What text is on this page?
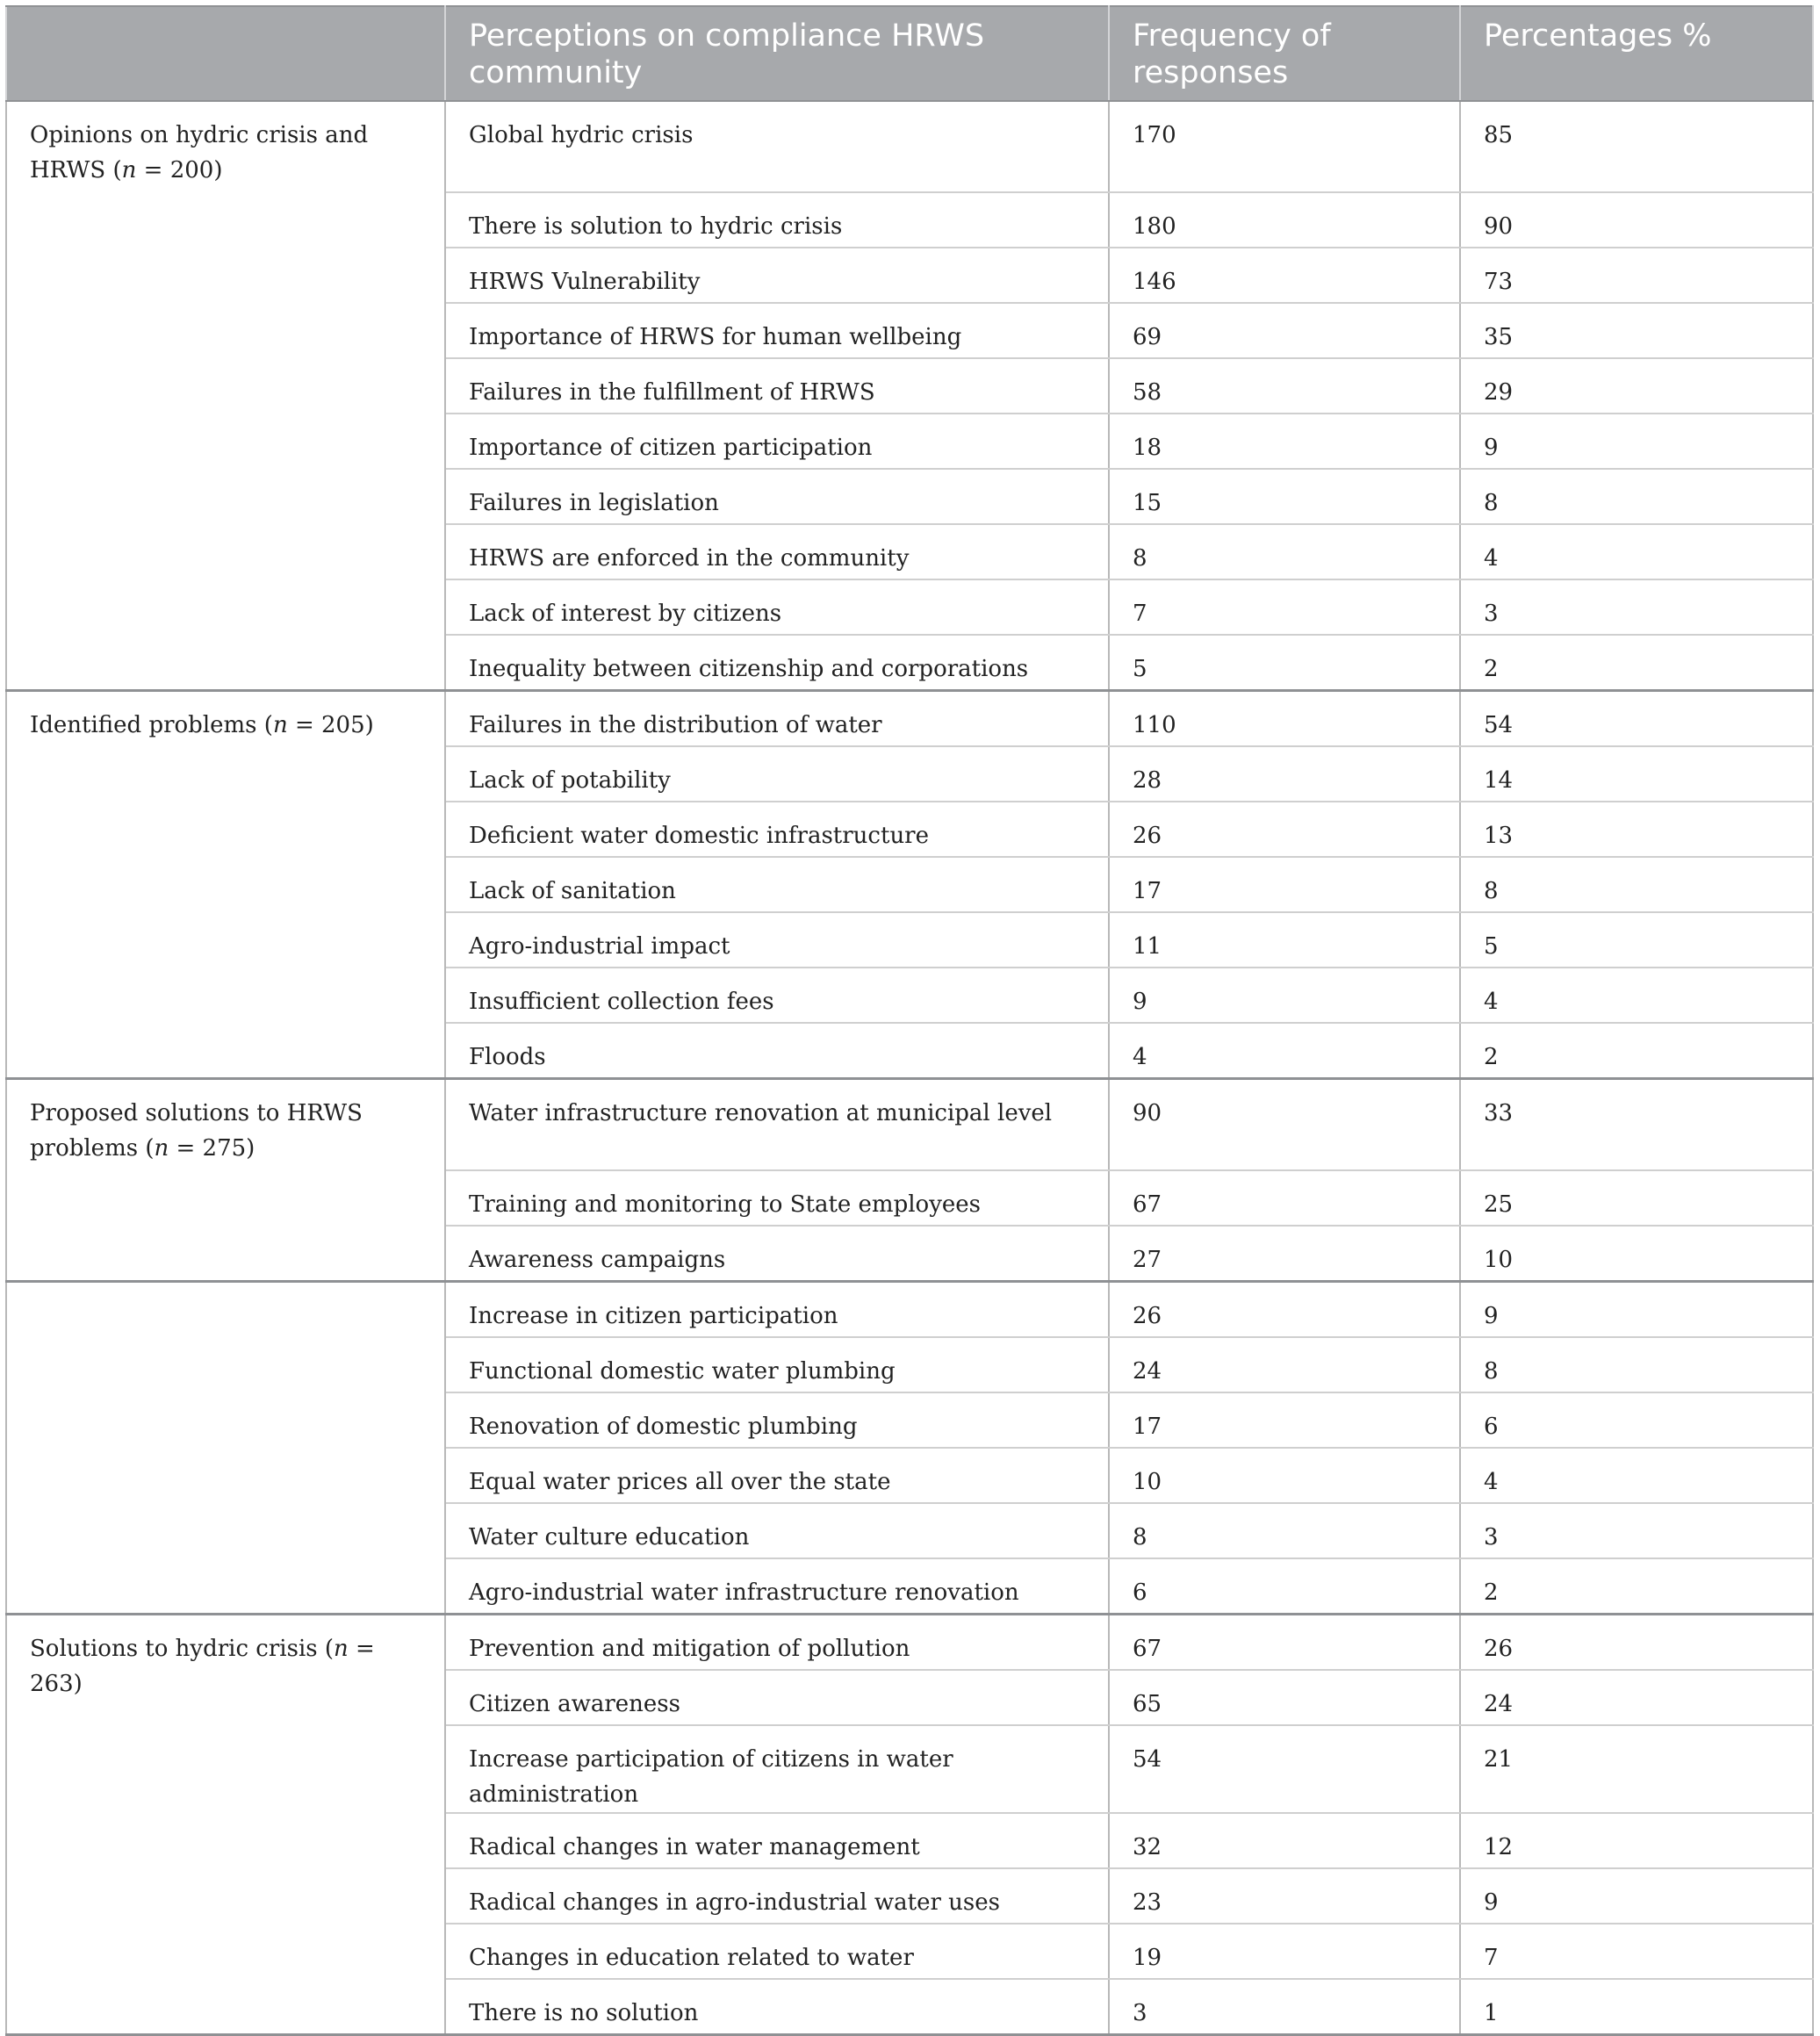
	Perceptions on compliance HRWS community	Frequency of responses	Percentages %
Opinions on hydric crisis and HRWS (n = 200)	Global hydric crisis	170	85
	There is solution to hydric crisis	180	90
	HRWS Vulnerability	146	73
	Importance of HRWS for human wellbeing	69	35
	Failures in the fulfillment of HRWS	58	29
	Importance of citizen participation	18	9
	Failures in legislation	15	8
	HRWS are enforced in the community	8	4
	Lack of interest by citizens	7	3
	Inequality between citizenship and corporations	5	2
Identified problems (n = 205)	Failures in the distribution of water	110	54
	Lack of potability	28	14
	Deficient water domestic infrastructure	26	13
	Lack of sanitation	17	8
	Agro-industrial impact	11	5
	Insufficient collection fees	9	4
	Floods	4	2
Proposed solutions to HRWS problems (n = 275)	Water infrastructure renovation at municipal level	90	33
	Training and monitoring to State employees	67	25
	Awareness campaigns	27	10
	Increase in citizen participation	26	9
	Functional domestic water plumbing	24	8
	Renovation of domestic plumbing	17	6
	Equal water prices all over the state	10	4
	Water culture education	8	3
	Agro-industrial water infrastructure renovation	6	2
Solutions to hydric crisis (n = 263)	Prevention and mitigation of pollution	67	26
	Citizen awareness	65	24
	Increase participation of citizens in water administration	54	21
	Radical changes in water management	32	12
	Radical changes in agro-industrial water uses	23	9
	Changes in education related to water	19	7
	There is no solution	3	1
